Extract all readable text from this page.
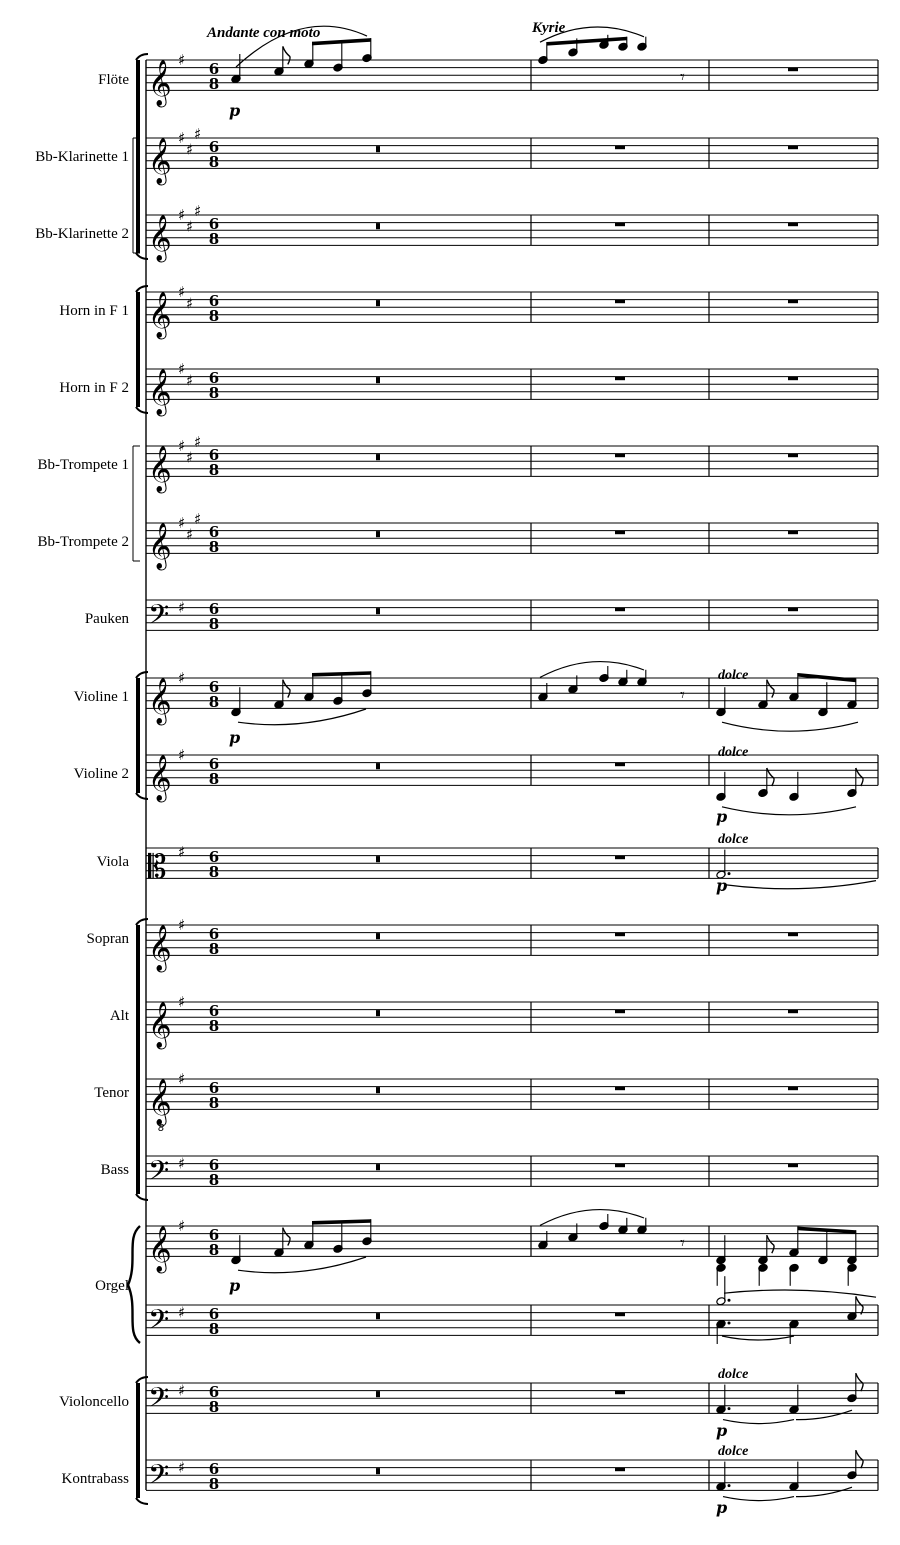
𝄞 ♯ 6
8
𝄞 ♯
♯
♯
6
8
𝄞 ♯
♯
♯
6
8
𝄞 ♯
♯ 6
8
𝄞 ♯
♯ 6
8
𝄞 ♯
♯
♯
6
8
𝄞 ♯
♯
♯
6
8
𝄢 ♯ 6
8
𝄞 ♯ 6
8
𝄞 ♯ 6
8
𝄡 ♯ 6
8
𝄞 ♯ 6
8
𝄞 ♯ 6
8
𝄞
8
♯ 6
8
𝄢 ♯ 6
8
𝄢 ♯ 6
8
𝄢 ♯ 6
8
𝄞 ♯ 6
8
𝄢 ♯ 6
8
p
𝄾
p
𝄾
dolce
dolce
p
dolce
p
p
𝄾
dolce
p
dolce
p
Andante con moto	Kyrie
Flöte
Bb-Klarinette 1
Bb-Klarinette 2
Horn in F 1
Horn in F 2
Bb-Trompete 1
Bb-Trompete 2
Pauken
Violine 1
Violine 2
Viola
Sopran
Alt
Tenor
Bass
Orgel
Violoncello
Kontrabass
